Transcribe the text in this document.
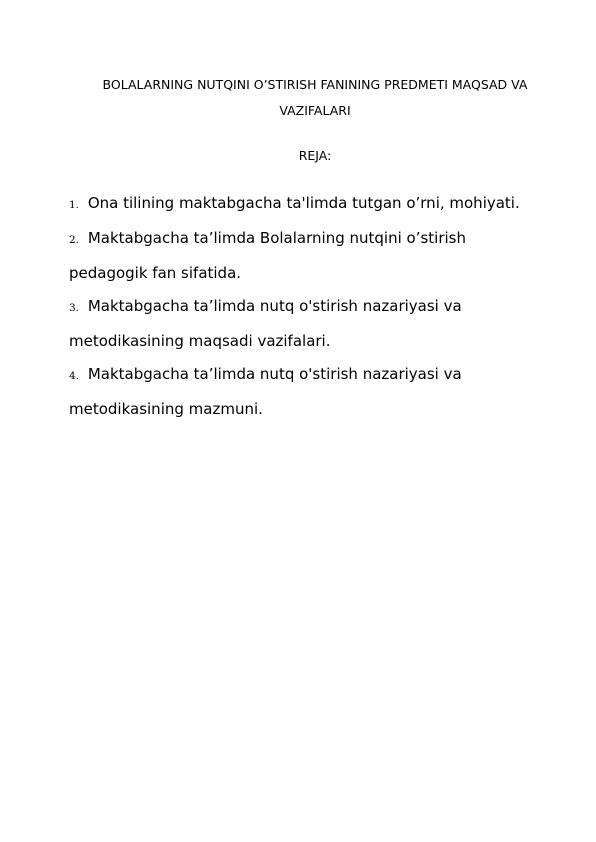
BOLALARNING NUTQINI O’STIRISH FANINING PREDMETI MAQSAD VA VAZIFALARI
REJA:
1. Ona tilining maktabgacha ta'limda tutgan o’rni, mohiyati.
2. Maktabgacha ta’limda Bolalarning nutqini o’stirish pedagogik fan sifatida.
3. Maktabgacha ta’limda nutq o'stirish nazariyasi va metodikasining maqsadi vazifalari.
4. Maktabgacha ta’limda nutq o'stirish nazariyasi va metodikasining mazmuni.
